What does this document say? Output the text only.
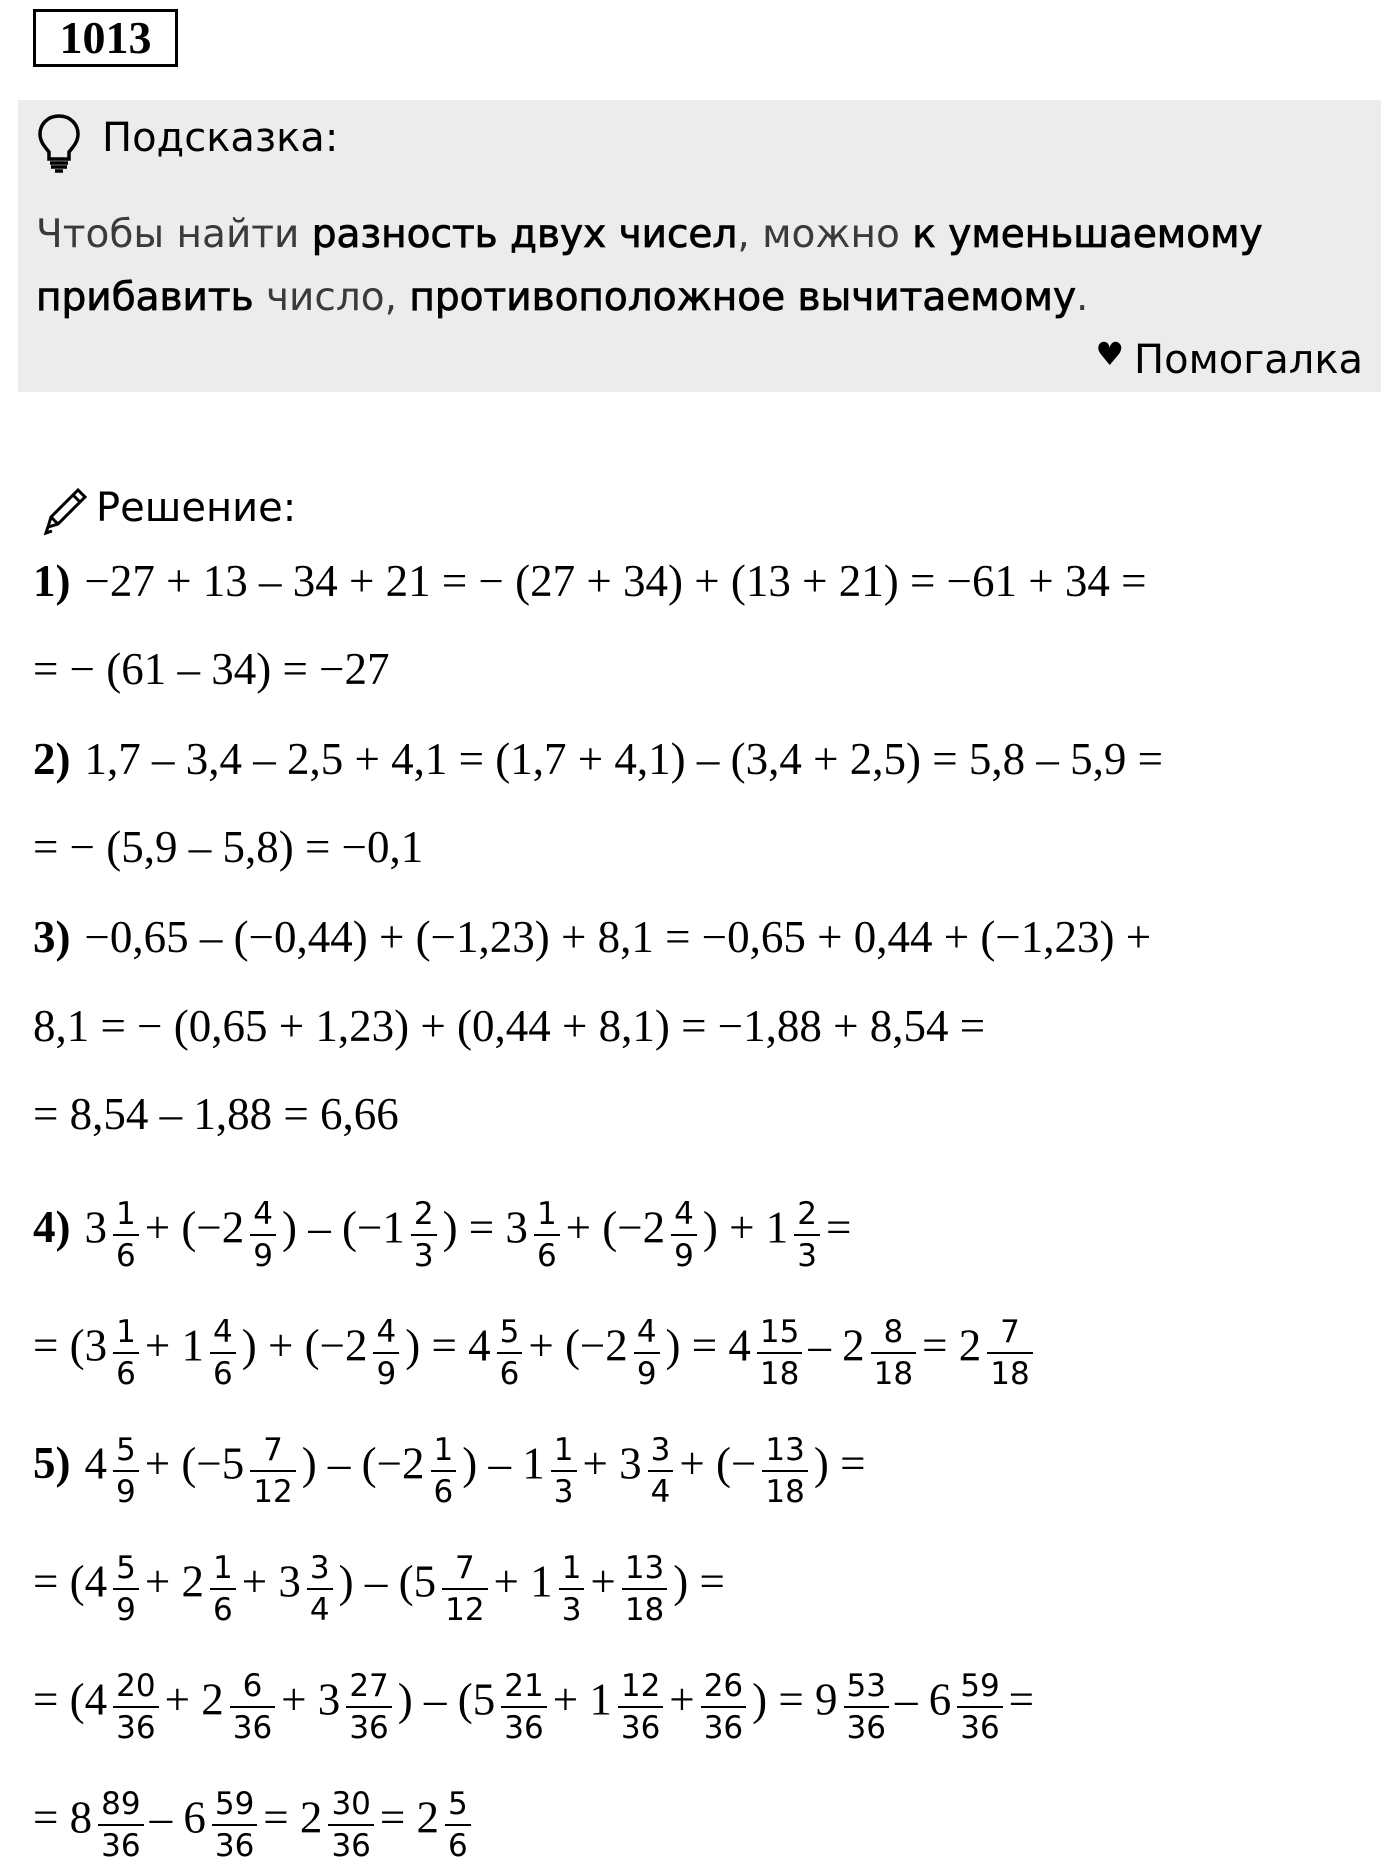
1013
Подсказка:

Чтобы найти разность двух чисел, можно к уменьшаемому прибавить число, противоположное вычитаемому.

♥ Помогалка
Решение:
1) −27 + 13 – 34 + 21 = − (27 + 34) + (13 + 21) = −61 + 34 =
= − (61 – 34) = −27
2) 1,7 – 3,4 – 2,5 + 4,1 = (1,7 + 4,1) – (3,4 + 2,5) = 5,8 – 5,9 =
= − (5,9 – 5,8) = −0,1
3) −0,65 – (−0,44) + (−1,23) + 8,1 = −0,65 + 0,44 + (−1,23) +
8,1 = − (0,65 + 1,23) + (0,44 + 8,1) = −1,88 + 8,54 =
= 8,54 – 1,88 = 6,66
4) $3 \frac{1}{6} + (-2 \frac{4}{9}$ ) – ($-1 \frac{2}{3}$ ) = $3 \frac{1}{6} + (-2 \frac{4}{9}$ ) + $1 \frac{2}{3}$ =
= ($3 \frac{1}{6} + 1 \frac{4}{6}$ ) + ($-2 \frac{4}{9}$ ) = $4 \frac{5}{6} + (-2 \frac{4}{9}$ ) = $4 \frac{15}{18} - 2 \frac{8}{18} = 2 \frac{7}{18}$
5) $4 \frac{5}{9} + (-5 \frac{7}{12}$ ) – ($-2 \frac{1}{6}$ ) – $1 \frac{1}{3} + 3 \frac{3}{4}$ + (− $\frac{13}{18}$ ) =
= ($4 \frac{5}{9} + 2 \frac{1}{6} + 3 \frac{3}{4}$ ) – ($5 \frac{7}{12} + 1 \frac{1}{3} + \frac{13}{18}$ ) =
= ($4 \frac{20}{36} + 2 \frac{6}{36} + 3 \frac{27}{36}$ ) – ($5 \frac{21}{36} + 1 \frac{12}{36} + \frac{26}{36}$ ) = $9 \frac{53}{36} - 6 \frac{59}{36}$ =
= $8 \frac{89}{36} - 6 \frac{59}{36} = 2 \frac{30}{36} = 2 \frac{5}{6}$
